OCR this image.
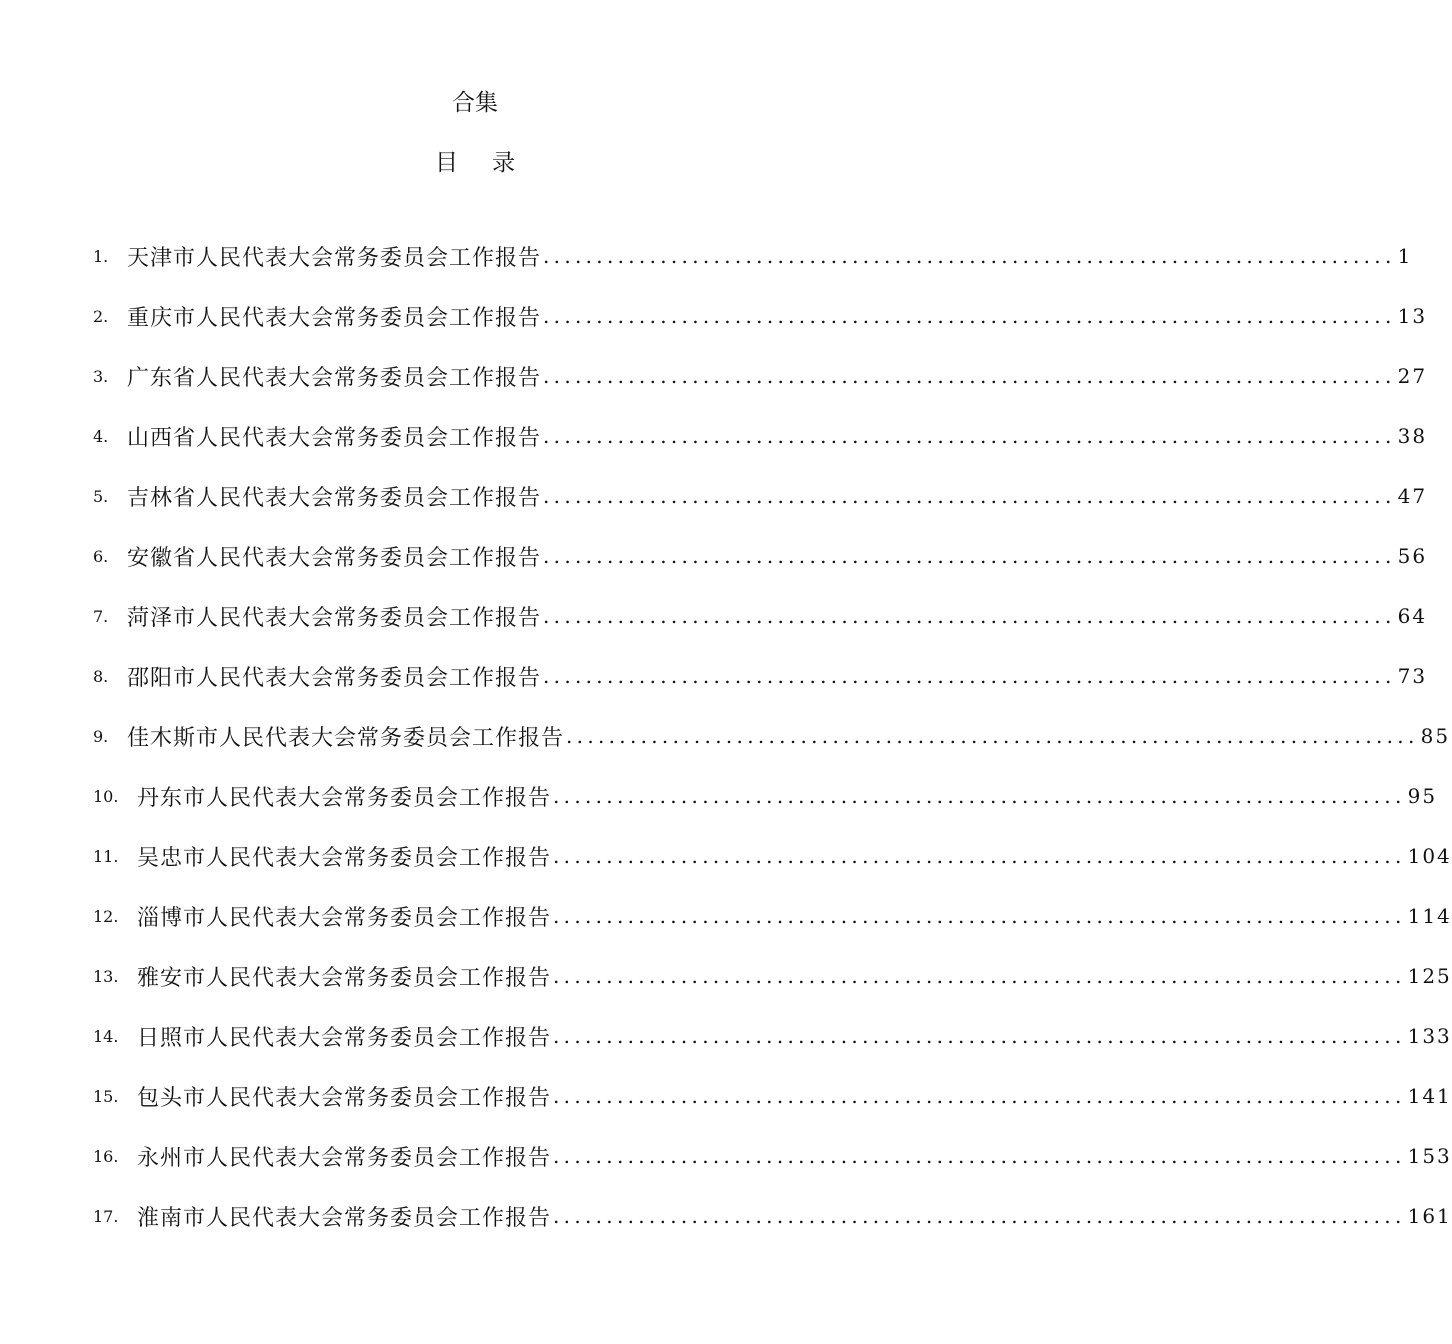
合集
目录
1. 天津市人民代表大会常务委员会工作报告 ................................................................................ 1
2. 重庆市人民代表大会常务委员会工作报告 ................................................................................ 13
3. 广东省人民代表大会常务委员会工作报告 ................................................................................ 27
4. 山西省人民代表大会常务委员会工作报告 ................................................................................ 38
5. 吉林省人民代表大会常务委员会工作报告 ................................................................................ 47
6. 安徽省人民代表大会常务委员会工作报告 ................................................................................ 56
7. 菏泽市人民代表大会常务委员会工作报告 ................................................................................ 64
8. 邵阳市人民代表大会常务委员会工作报告 ................................................................................ 73
9. 佳木斯市人民代表大会常务委员会工作报告 ................................................................................ 85
10. 丹东市人民代表大会常务委员会工作报告 ................................................................................ 95
11. 吴忠市人民代表大会常务委员会工作报告 ................................................................................ 104
12. 淄博市人民代表大会常务委员会工作报告 ................................................................................ 114
13. 雅安市人民代表大会常务委员会工作报告 ................................................................................ 125
14. 日照市人民代表大会常务委员会工作报告 ................................................................................ 133
15. 包头市人民代表大会常务委员会工作报告 ................................................................................ 141
16. 永州市人民代表大会常务委员会工作报告 ................................................................................ 153
17. 淮南市人民代表大会常务委员会工作报告 ................................................................................ 161
